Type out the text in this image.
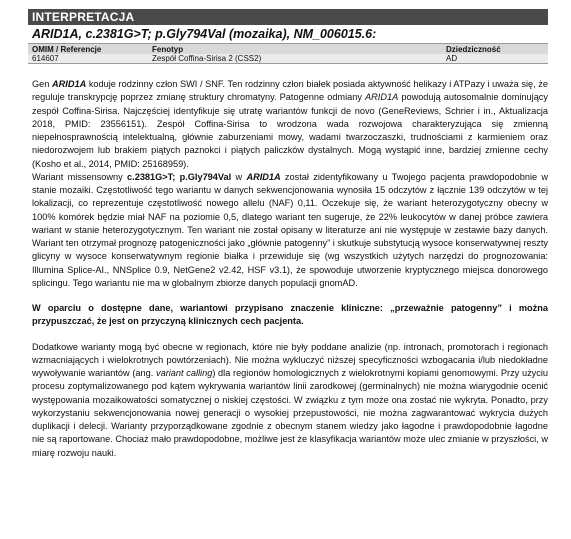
INTERPRETACJA
ARID1A, c.2381G>T; p.Gly794Val (mozaika), NM_006015.6:
OMIM / Referencje	Fenotyp	Dziedziczność
614607	Zespół Coffina-Sirisa 2 (CSS2)	AD

Gen ARID1A koduje rodzinny człon SWI / SNF. Ten rodzinny człon białek posiada aktywność helikazy i ATPazy i uważa się, że reguluje transkrypcję poprzez zmianę struktury chromatyny. Patogenne odmiany ARID1A powodują autosomalnie dominujący zespół Coffina-Sirisa. Najczęściej identyfikuje się utratę wariantów funkcji de novo (GeneReviews, Schrier i in., Aktualizacja 2018, PMID: 23556151). Zespół Coffina-Sirisa to wrodzona wada rozwojowa charakteryzująca się zmienną niepełnosprawnością intelektualną, głównie zaburzeniami mowy, wadami twarzoczaszki, trudnościami z karmieniem oraz niedorozwojem lub brakiem piątych paznokci i piątych paliczków dystalnych. Mogą wystąpić inne, bardziej zmienne cechy (Kosho et al., 2014, PMID: 25168959).

Wariant missensowny c.2381G>T; p.Gly794Val w ARID1A został zidentyfikowany u Twojego pacjenta prawdopodobnie w stanie mozaiki. Częstotliwość tego wariantu w danych sekwencjonowania wynosiła 15 odczytów z łącznie 139 odczytów w tej lokalizacji, co reprezentuje częstotliwość nowego allelu (NAF) 0,11. Oczekuje się, że wariant heterozygotyczny obecny w 100% komórek będzie miał NAF na poziomie 0,5, dlatego wariant ten sugeruje, że 22% leukocytów w danej próbce zawiera wariant w stanie heterozygotycznym. Ten wariant nie został opisany w literaturze ani nie występuje w zestawie bazy danych. Wariant ten otrzymał prognozę patogeniczności jako „głównie patogenny” i skutkuje substytucją wysoce konserwatywnej reszty glicyny w wysoce konserwatywnym regionie białka i przewiduje się (wg wszystkich użytych narzędzi do prognozowania: Illumina Splice-AI., NNSplice 0.9, NetGene2 v2.42, HSF v3.1), że spowoduje utworzenie kryptycznego miejsca donorowego splicingu. Tego wariantu nie ma w globalnym zbiorze danych populacji gnomAD.

W oparciu o dostępne dane, wariantowi przypisano znaczenie kliniczne: „przeważnie patogenny” i można przypuszczać, że jest on przyczyną klinicznych cech pacjenta.

Dodatkowe warianty mogą być obecne w regionach, które nie były poddane analizie (np. intronach, promotorach i regionach wzmacniających i wielokrotnych powtórzeniach). Nie można wykluczyć niższej specyficzności wzbogacania i/lub niedokładne wywoływanie wariantów (ang. variant calling) dla regionów homologicznych z wielokrotnymi kopiami genomowymi. Przy użyciu procesu zoptymalizowanego pod kątem wykrywania wariantów linii zarodkowej (germinalnych) nie można wiarygodnie ocenić występowania mozaikowatości somatycznej o niskiej częstości. W związku z tym może ona zostać nie wykryta. Ponadto, przy wykorzystaniu sekwencjonowania nowej generacji o wysokiej przepustowości, nie można zagwarantować wykrycia dużych duplikacji i delecji. Warianty przyporządkowane zgodnie z obecnym stanem wiedzy jako łagodne i prawdopodobnie łagodne nie są raportowane. Chociaż mało prawdopodobne, możliwe jest że klasyfikacja wariantów może ulec zmianie w przyszłości, w miarę rozwoju nauki.
